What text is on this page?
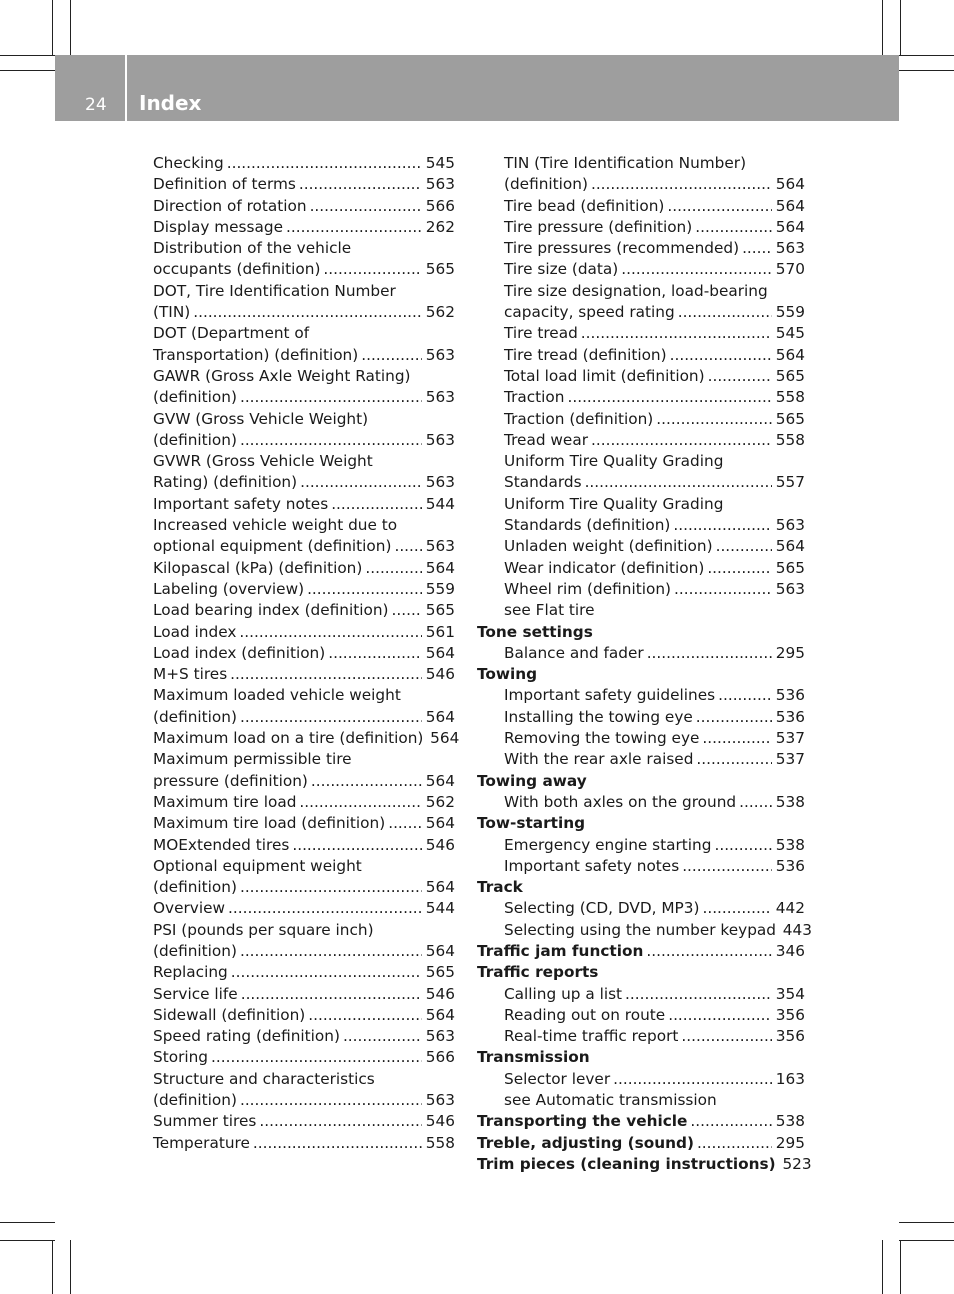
24 Index
Checking .....	545
Definition of terms .....	563
Direction of rotation .....	566
Display message .....	262
Distribution of the vehicle
occupants (definition) .....	565
DOT, Tire Identification Number
(TIN) .....	562
DOT (Department of
Transportation) (definition) .....	563
GAWR (Gross Axle Weight Rating)
(definition) .....	563
GVW (Gross Vehicle Weight)
(definition) .....	563
GVWR (Gross Vehicle Weight
Rating) (definition) .....	563
Important safety notes .....	544
Increased vehicle weight due to
optional equipment (definition) ..... 563
Kilopascal (kPa) (definition) .....	564
Labeling (overview) .....	559
Load bearing index (definition) ..... 565
Load index .....	561
Load index (definition) .....	564
M+S tires .....	546
Maximum loaded vehicle weight
(definition) .....	564
Maximum load on a tire (definition) 564
Maximum permissible tire
pressure (definition) .....	564
Maximum tire load .....	562
Maximum tire load (definition) .....	564
MOExtended tires .....	546
Optional equipment weight
(definition) .....	564
Overview .....	544
PSI (pounds per square inch)
(definition) .....	564
Replacing .....	565
Service life .....	546
Sidewall (definition) .....	564
Speed rating (definition) .....	563
Storing .....	566
Structure and characteristics
(definition) .....	563
Summer tires .....	546
Temperature .....	558
TIN (Tire Identification Number)
(definition) .....	564
Tire bead (definition) .....	564
Tire pressure (definition) .....	564
Tire pressures (recommended) ..... 563
Tire size (data) .....	570
Tire size designation, load-bearing
capacity, speed rating .....	559
Tire tread .....	545
Tire tread (definition) .....	564
Total load limit (definition) .....	565
Traction .....	558
Traction (definition) .....	565
Tread wear .....	558
Uniform Tire Quality Grading
Standards .....	557
Uniform Tire Quality Grading
Standards (definition) .....	563
Unladen weight (definition) .....	564
Wear indicator (definition) .....	565
Wheel rim (definition) .....	563
see Flat tire
Tone settings
Balance and fader .....	295
Towing
Important safety guidelines .....	536
Installing the towing eye .....	536
Removing the towing eye .....	537
With the rear axle raised .....	537
Towing away
With both axles on the ground .....	538
Tow-starting
Emergency engine starting .....	538
Important safety notes .....	536
Track
Selecting (CD, DVD, MP3) .....	442
Selecting using the number keypad 443
Traffic jam function .....	346
Traffic reports
Calling up a list .....	354
Reading out on route .....	356
Real-time traffic report .....	356
Transmission
Selector lever .....	163
see Automatic transmission
Transporting the vehicle .....	538
Treble, adjusting (sound) .....	295
Trim pieces (cleaning instructions) 523
